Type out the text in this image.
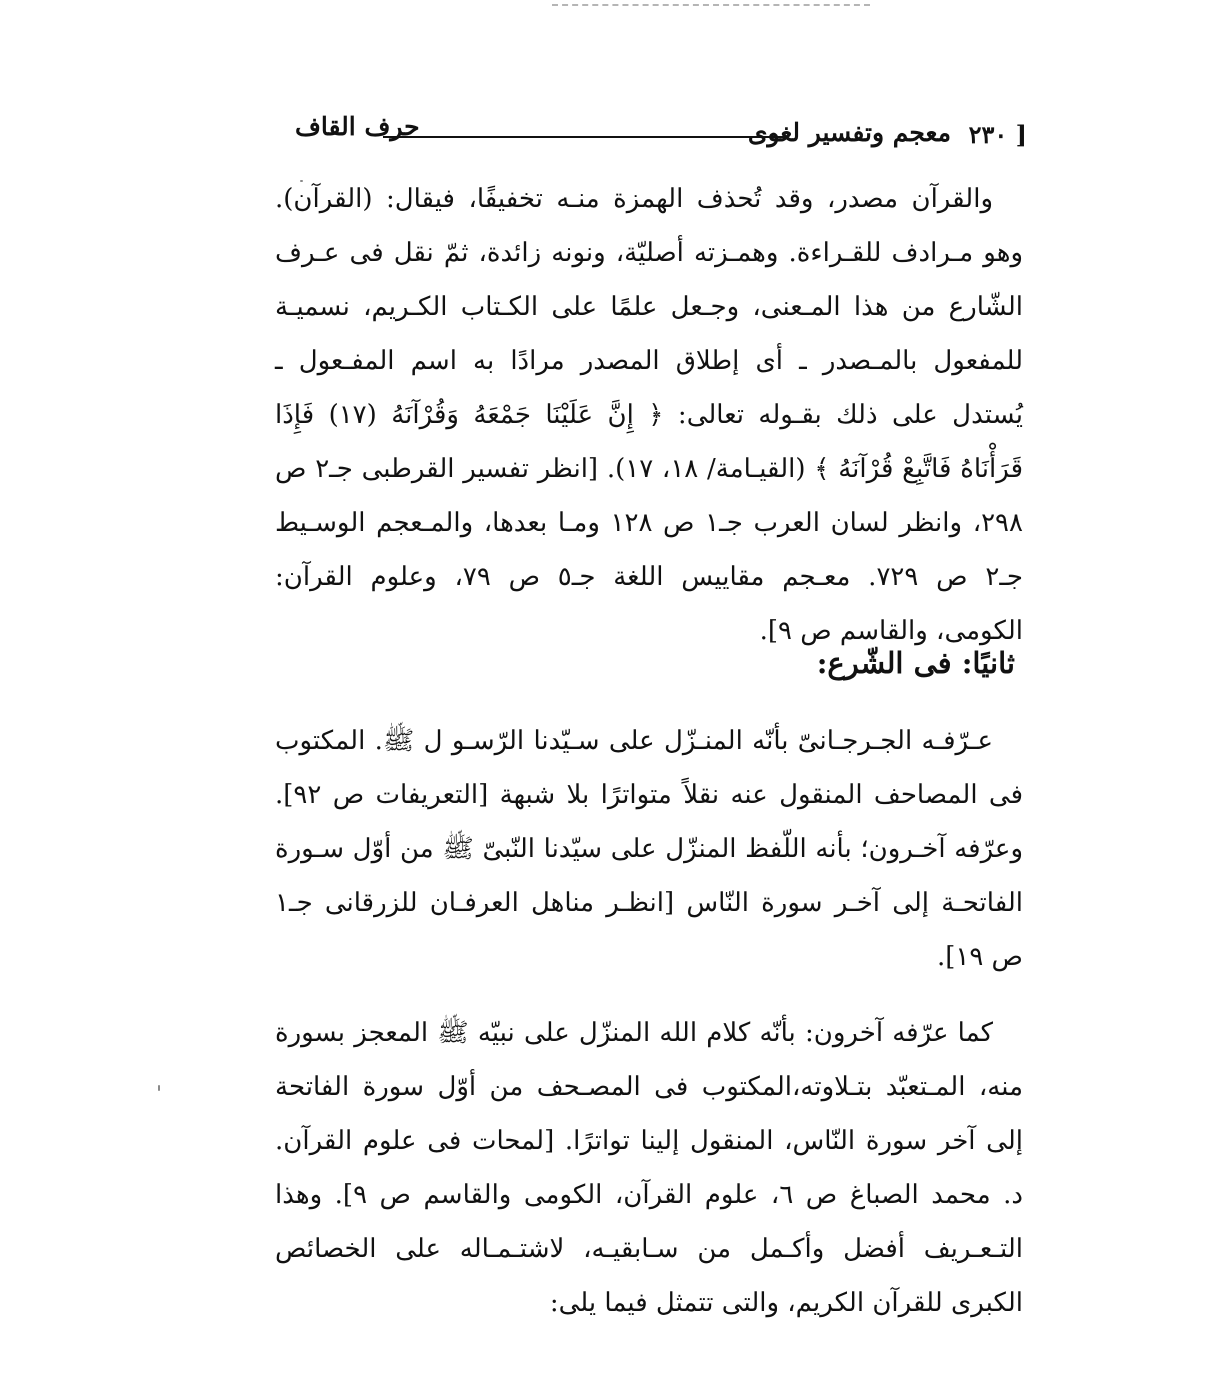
[ ٢٣٠
معجم وتفسير لغوى
حرف القاف

والقرآن مصدر، وقد تُحذف الهمزة منـه تخفيفًا، فيقال: (القرآن). وهو مـرادف للقـراءة. وهمـزته أصليّة، ونونه زائدة، ثمّ نقل فى عـرف الشّارع من هذا المـعنى، وجـعل علمًا على الكـتاب الكـريم، نسميـة للمفعول بالمـصدر ـ أى إطلاق المصدر مرادًا به اسم المفـعول ـ يُستدل على ذلك بقـوله تعالى: ﴿ إِنَّ عَلَيْنَا جَمْعَهُ وَقُرْآنَهُ (١٧) فَإِذَا قَرَأْنَاهُ فَاتَّبِعْ قُرْآنَهُ ﴾ (القيـامة/ ١٨، ١٧). [انظر تفسير القرطبى جـ٢ ص ٢٩٨، وانظر لسان العرب جـ١ ص ١٢٨ ومـا بعدها، والمـعجم الوسـيط جـ٢ ص ٧٢٩. معـجم مقاييس اللغة جـ٥ ص ٧٩، وعلوم القرآن: الكومى، والقاسم ص ٩].

ثانيًا: فى الشّرع:

عـرّفـه الجـرجـانىّ بأنّه المنـزّل على سـيّدنا الرّسـو ل ﷺ. المكتوب فى المصاحف المنقول عنه نقلاً متواترًا بلا شبهة [التعريفات ص ٩٢]. وعرّفه آخـرون؛ بأنه اللّفظ المنزّل على سيّدنا النّبىّ ﷺ من أوّل سـورة الفاتحـة إلى آخـر سورة النّاس [انظـر مناهل العرفـان للزرقانى جـ١ ص ١٩].

كما عرّفه آخرون: بأنّه كلام الله المنزّل على نبيّه ﷺ المعجز بسورة منه، المـتعبّد بتـلاوته،المكتوب فى المصـحف من أوّل سورة الفاتحة إلى آخر سورة النّاس، المنقول إلينا تواترًا. [لمحات فى علوم القرآن. د. محمد الصباغ ص ٦، علوم القرآن، الكومى والقاسم ص ٩]. وهذا التـعـريف أفضل وأكـمل من سـابقيـه، لاشتـمـاله على الخصائص الكبرى للقرآن الكريم، والتى تتمثل فيما يلى:
